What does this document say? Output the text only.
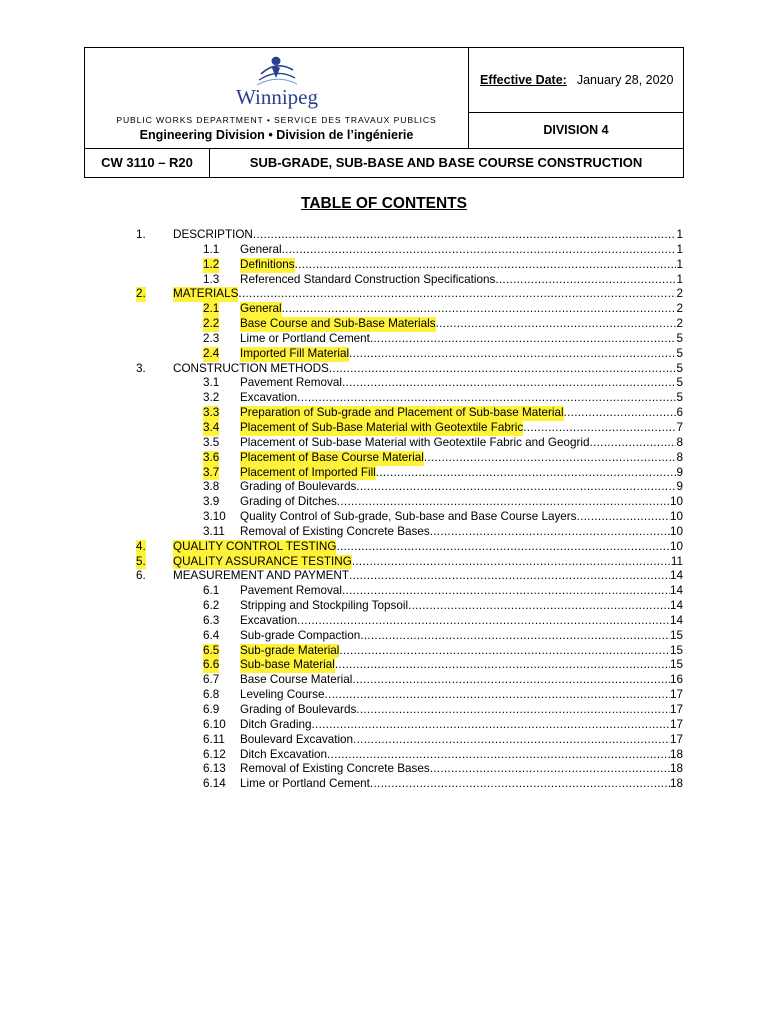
Winnipeg
PUBLIC WORKS DEPARTMENT • SERVICE DES TRAVAUX PUBLICS
Engineering Division • Division de l’ingénierie
Effective Date: January 28, 2020
DIVISION 4
CW 3110 – R20	SUB-GRADE, SUB-BASE AND BASE COURSE CONSTRUCTION
TABLE OF CONTENTS
1. DESCRIPTION .....	1
1.1 General .....	1
1.2 Definitions .....	1
1.3 Referenced Standard Construction Specifications .....	1
2. MATERIALS .....	2
2.1 General .....	2
2.2 Base Course and Sub-Base Materials .....	2
2.3 Lime or Portland Cement .....	5
2.4 Imported Fill Material .....	5
3. CONSTRUCTION METHODS .....	5
3.1 Pavement Removal .....	5
3.2 Excavation .....	5
3.3 Preparation of Sub-grade and Placement of Sub-base Material .....	6
3.4 Placement of Sub-Base Material with Geotextile Fabric .....	7
3.5 Placement of Sub-base Material with Geotextile Fabric and Geogrid .....	8
3.6 Placement of Base Course Material .....	8
3.7 Placement of Imported Fill .....	9
3.8 Grading of Boulevards .....	9
3.9 Grading of Ditches .....	10
3.10 Quality Control of Sub-grade, Sub-base and Base Course Layers .....	10
3.11 Removal of Existing Concrete Bases .....	10
4. QUALITY CONTROL TESTING .....	10
5. QUALITY ASSURANCE TESTING .....	11
6. MEASUREMENT AND PAYMENT .....	14
6.1 Pavement Removal .....	14
6.2 Stripping and Stockpiling Topsoil .....	14
6.3 Excavation .....	14
6.4 Sub-grade Compaction .....	15
6.5 Sub-grade Material .....	15
6.6 Sub-base Material .....	15
6.7 Base Course Material .....	16
6.8 Leveling Course .....	17
6.9 Grading of Boulevards .....	17
6.10 Ditch Grading .....	17
6.11 Boulevard Excavation .....	17
6.12 Ditch Excavation .....	18
6.13 Removal of Existing Concrete Bases .....	18
6.14 Lime or Portland Cement .....	18
